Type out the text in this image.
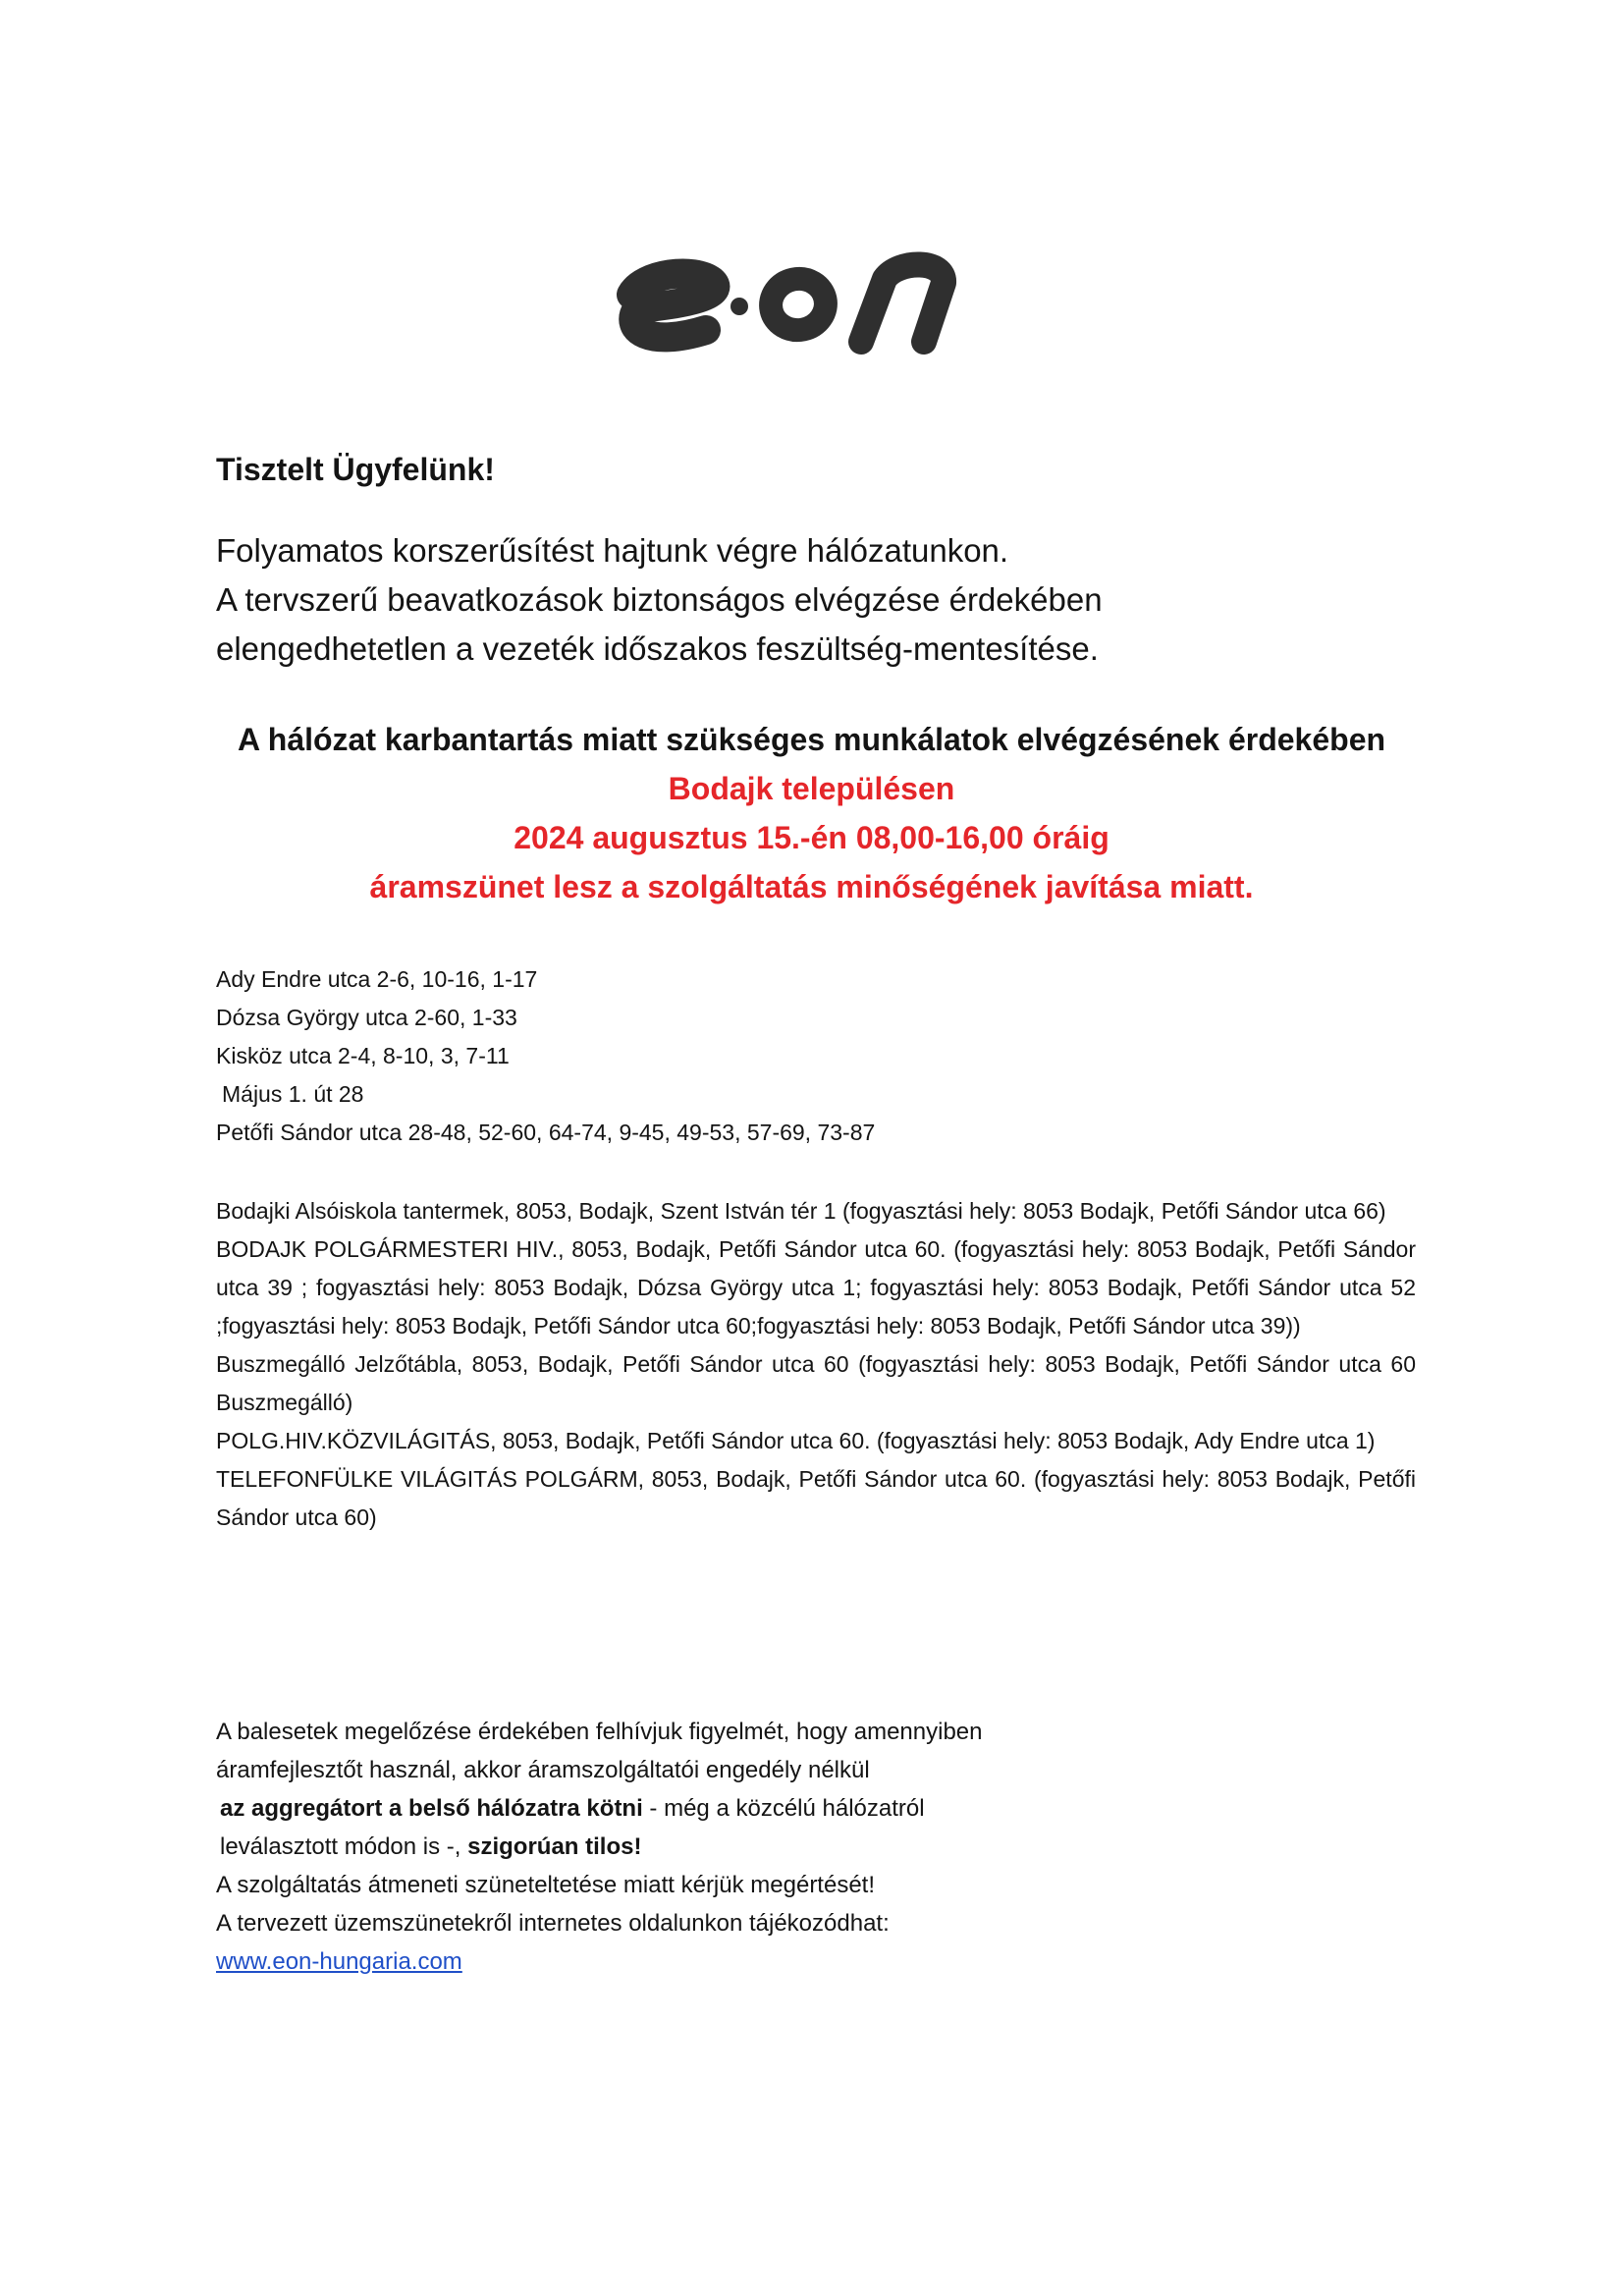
Tisztelt Ügyfelünk!
Folyamatos korszerűsítést hajtunk végre hálózatunkon.
A tervszerű beavatkozások biztonságos elvégzése érdekében
elengedhetetlen a vezeték időszakos feszültség-mentesítése.
A hálózat karbantartás miatt szükséges munkálatok elvégzésének érdekében
Bodajk településen
2024 augusztus 15.-én 08,00-16,00 óráig
áramszünet lesz a szolgáltatás minőségének javítása miatt.
Ady Endre utca 2-6, 10-16, 1-17
Dózsa György utca 2-60, 1-33
Kisköz utca 2-4, 8-10, 3, 7-11
Május 1. út 28
Petőfi Sándor utca 28-48, 52-60, 64-74, 9-45, 49-53, 57-69, 73-87

Bodajki Alsóiskola tantermek, 8053, Bodajk, Szent István tér 1 (fogyasztási hely: 8053 Bodajk, Petőfi Sándor utca 66)

BODAJK POLGÁRMESTERI HIV., 8053, Bodajk, Petőfi Sándor utca 60. (fogyasztási hely: 8053 Bodajk, Petőfi Sándor utca 39 ; fogyasztási hely: 8053 Bodajk, Dózsa György utca 1; fogyasztási hely: 8053 Bodajk, Petőfi Sándor utca 52 ;fogyasztási hely: 8053 Bodajk, Petőfi Sándor utca 60;fogyasztási hely: 8053 Bodajk, Petőfi Sándor utca 39))

Buszmegálló Jelzőtábla, 8053, Bodajk, Petőfi Sándor utca 60 (fogyasztási hely: 8053 Bodajk, Petőfi Sándor utca 60 Buszmegálló)

POLG.HIV.KÖZVILÁGITÁS, 8053, Bodajk, Petőfi Sándor utca 60. (fogyasztási hely: 8053 Bodajk, Ady Endre utca 1)

TELEFONFÜLKE VILÁGITÁS POLGÁRM, 8053, Bodajk, Petőfi Sándor utca 60. (fogyasztási hely: 8053 Bodajk, Petőfi Sándor utca 60)

A balesetek megelőzése érdekében felhívjuk figyelmét, hogy amennyiben
áramfejlesztőt használ, akkor áramszolgáltatói engedély nélkül
az aggregátort a belső hálózatra kötni - még a közcélú hálózatról
leválasztott módon is -, szigorúan tilos!
A szolgáltatás átmeneti szüneteltetése miatt kérjük megértését!
A tervezett üzemszünetekről internetes oldalunkon tájékozódhat:
www.eon-hungaria.com
